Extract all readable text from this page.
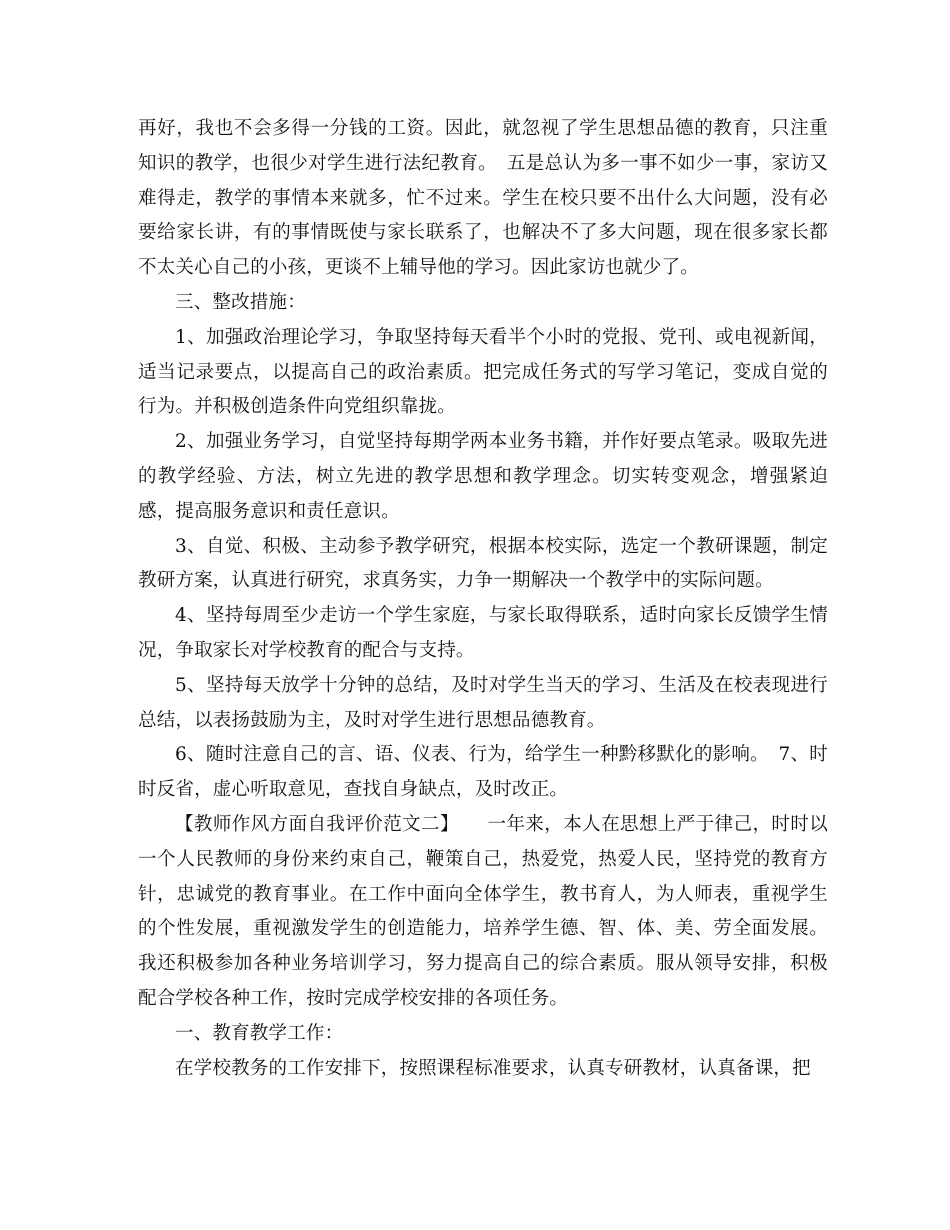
再好，我也不会多得一分钱的工资。因此，就忽视了学生思想品德的教育，只注重知识的教学，也很少对学生进行法纪教育。　五是总认为多一事不如少一事，家访又难得走，教学的事情本来就多，忙不过来。学生在校只要不出什么大问题，没有必要给家长讲，有的事情既使与家长联系了，也解决不了多大问题，现在很多家长都不太关心自己的小孩，更谈不上辅导他的学习。因此家访也就少了。

三、整改措施：

1、加强政治理论学习，争取坚持每天看半个小时的党报、党刊、或电视新闻，适当记录要点，以提高自己的政治素质。把完成任务式的写学习笔记，变成自觉的行为。并积极创造条件向党组织靠拢。

2、加强业务学习，自觉坚持每期学两本业务书籍，并作好要点笔录。吸取先进的教学经验、方法，树立先进的教学思想和教学理念。切实转变观念，增强紧迫感，提高服务意识和责任意识。

3、自觉、积极、主动参予教学研究，根据本校实际，选定一个教研课题，制定教研方案，认真进行研究，求真务实，力争一期解决一个教学中的实际问题。

4、坚持每周至少走访一个学生家庭，与家长取得联系，适时向家长反馈学生情况，争取家长对学校教育的配合与支持。

5、坚持每天放学十分钟的总结，及时对学生当天的学习、生活及在校表现进行总结，以表扬鼓励为主，及时对学生进行思想品德教育。

6、随时注意自己的言、语、仪表、行为，给学生一种黔移默化的影响。　7、时时反省，虚心听取意见，查找自身缺点，及时改正。

【教师作风方面自我评价范文二】　　一年来，本人在思想上严于律己，时时以一个人民教师的身份来约束自己，鞭策自己，热爱党，热爱人民，坚持党的教育方针，忠诚党的教育事业。在工作中面向全体学生，教书育人，为人师表，重视学生的个性发展，重视激发学生的创造能力，培养学生德、智、体、美、劳全面发展。我还积极参加各种业务培训学习，努力提高自己的综合素质。服从领导安排，积极配合学校各种工作，按时完成学校安排的各项任务。

一、教育教学工作：

在学校教务的工作安排下，按照课程标准要求，认真专研教材，认真备课，把
